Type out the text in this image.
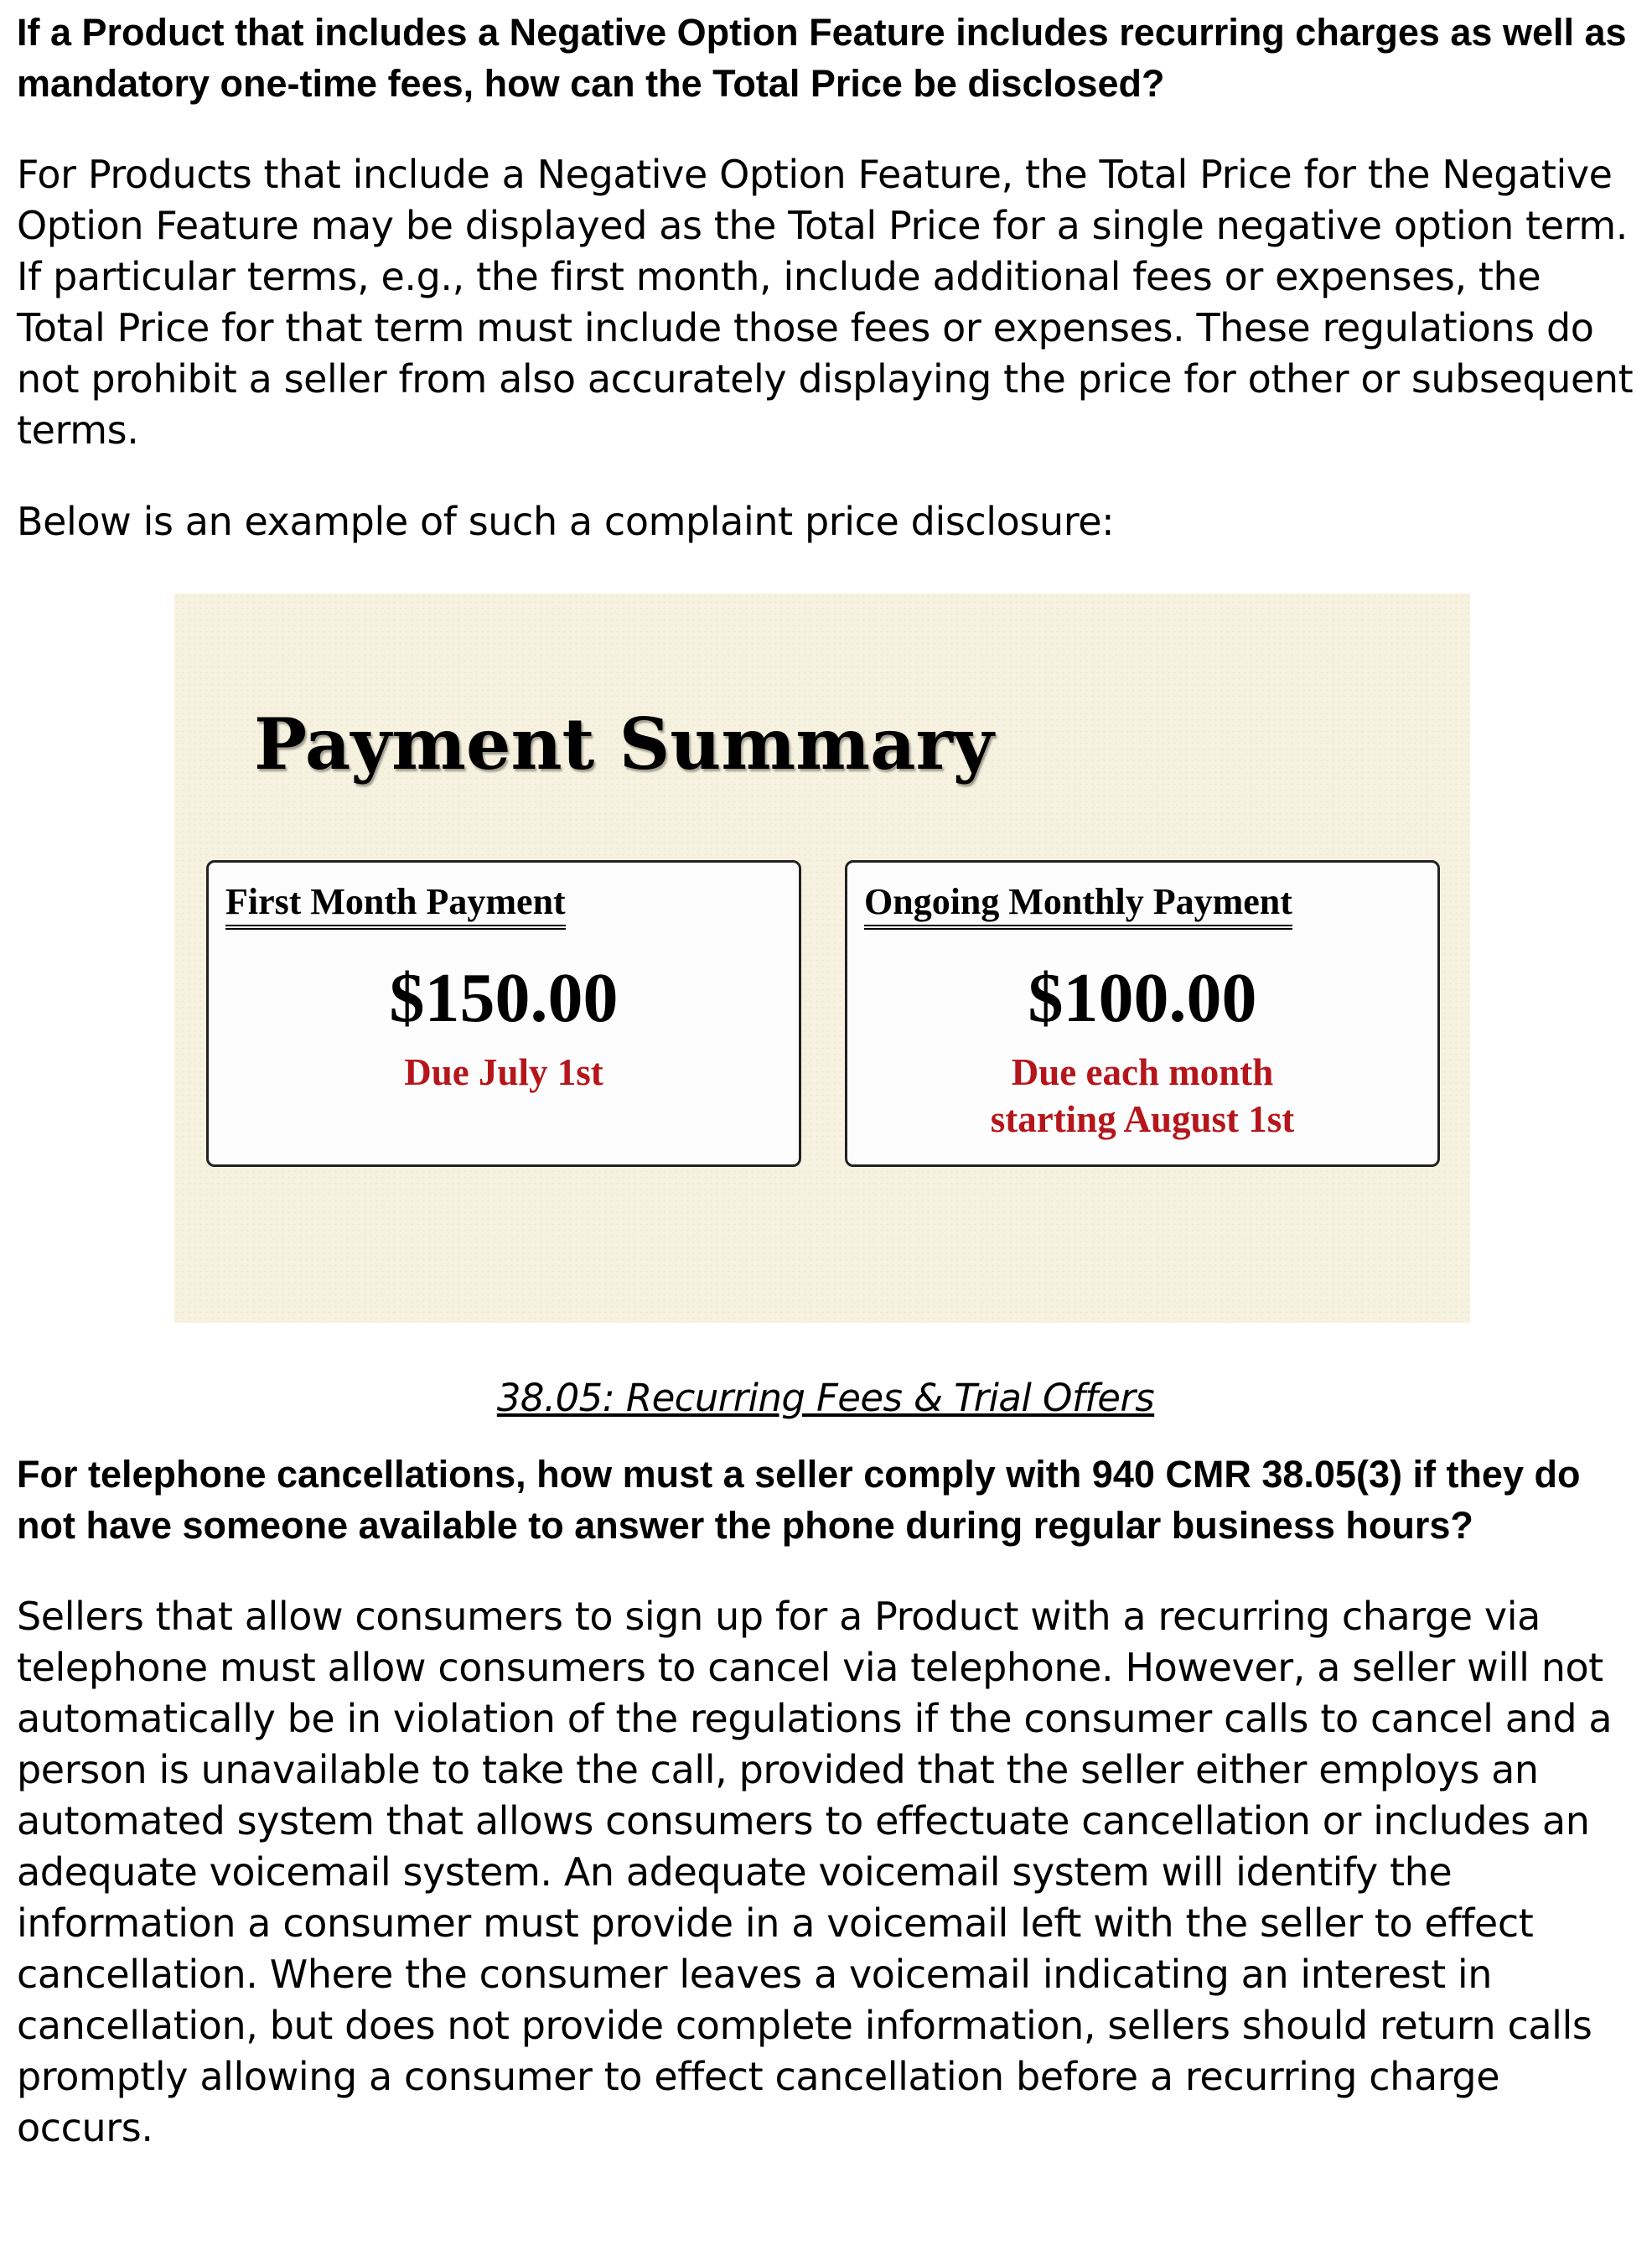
If a Product that includes a Negative Option Feature includes recurring charges as well as mandatory one-time fees, how can the Total Price be disclosed?

For Products that include a Negative Option Feature, the Total Price for the Negative Option Feature may be displayed as the Total Price for a single negative option term. If particular terms, e.g., the first month, include additional fees or expenses, the Total Price for that term must include those fees or expenses. These regulations do not prohibit a seller from also accurately displaying the price for other or subsequent terms.

Below is an example of such a complaint price disclosure:

Payment Summary
First Month Payment
$150.00
Due July 1st
Ongoing Monthly Payment
$100.00
Due each month starting August 1st
38.05: Recurring Fees & Trial Offers

For telephone cancellations, how must a seller comply with 940 CMR 38.05(3) if they do not have someone available to answer the phone during regular business hours?

Sellers that allow consumers to sign up for a Product with a recurring charge via telephone must allow consumers to cancel via telephone. However, a seller will not automatically be in violation of the regulations if the consumer calls to cancel and a person is unavailable to take the call, provided that the seller either employs an automated system that allows consumers to effectuate cancellation or includes an adequate voicemail system. An adequate voicemail system will identify the information a consumer must provide in a voicemail left with the seller to effect cancellation. Where the consumer leaves a voicemail indicating an interest in cancellation, but does not provide complete information, sellers should return calls promptly allowing a consumer to effect cancellation before a recurring charge occurs.
